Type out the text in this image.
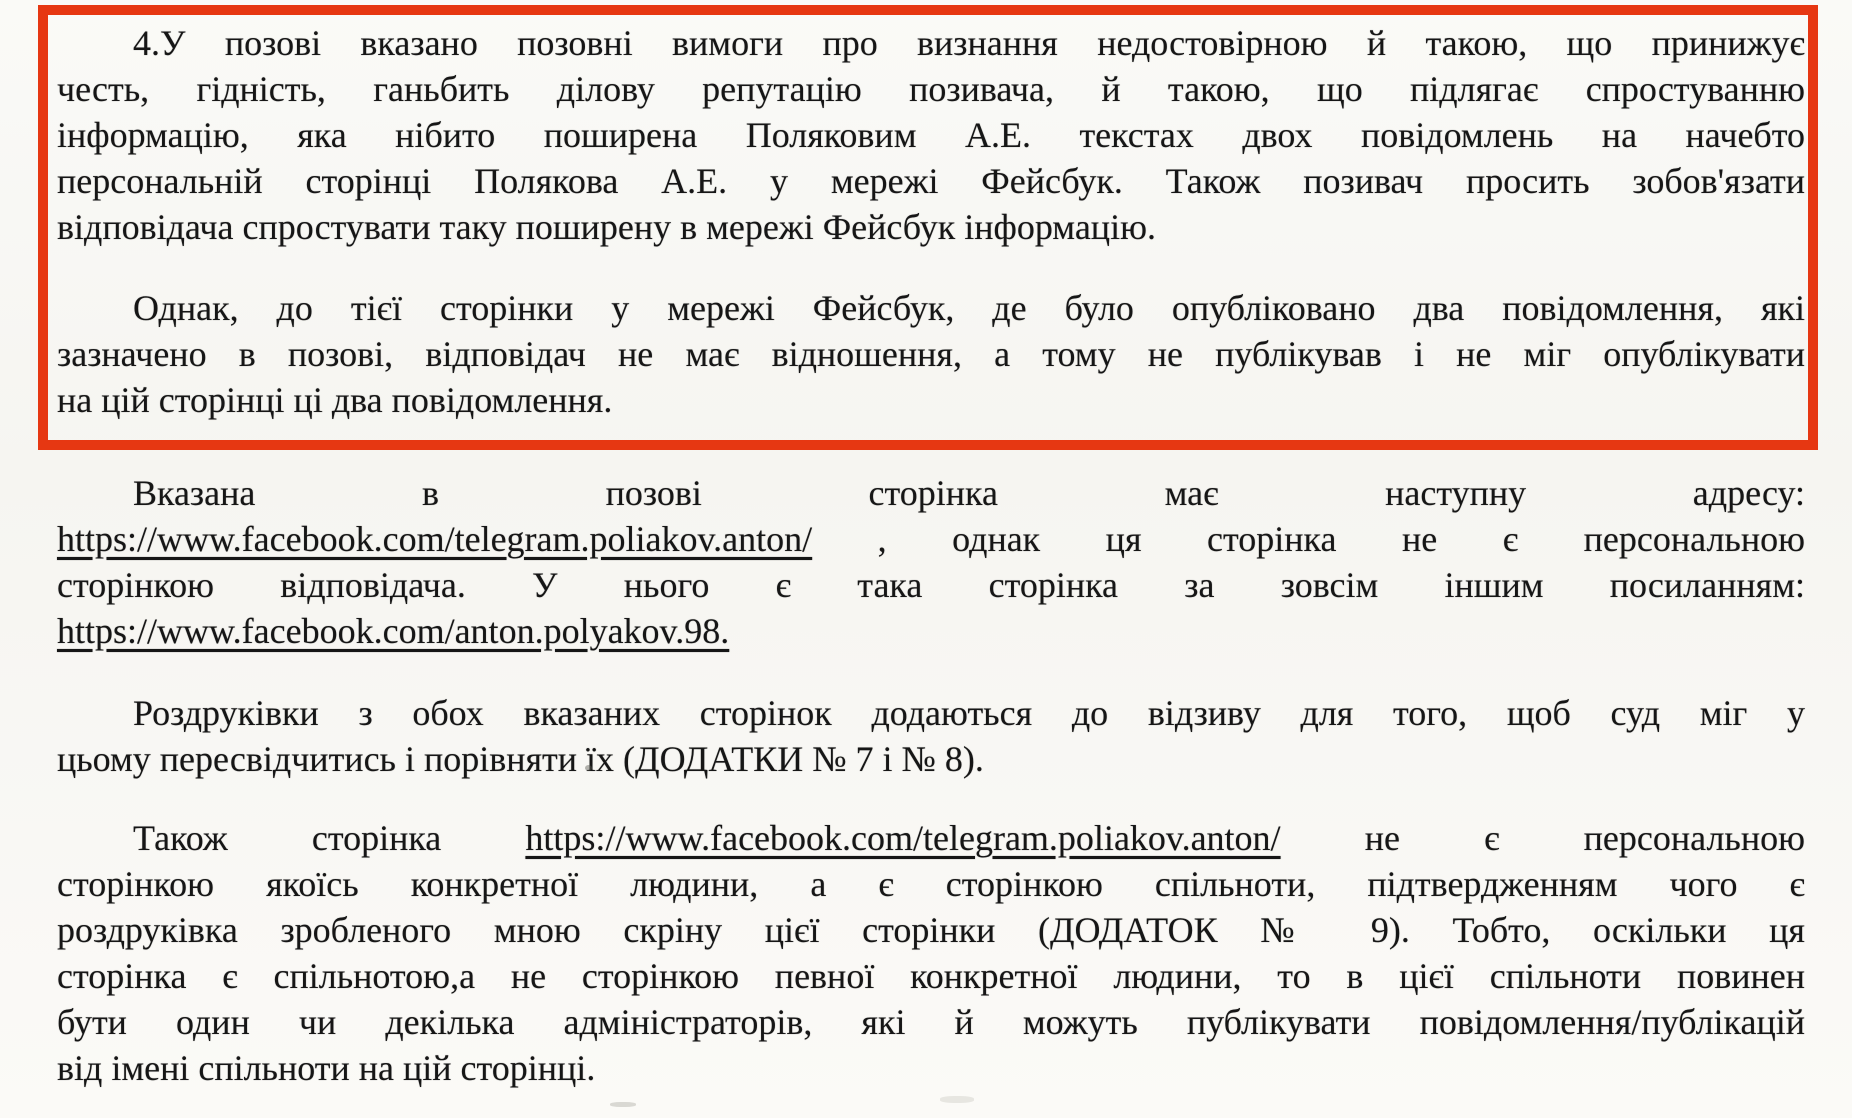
4.У позові вказано позовні вимоги про визнання недостовірною й такою, що принижує
честь, гідність, ганьбить ділову репутацію позивача, й такою, що підлягає спростуванню
інформацію, яка нібито поширена Поляковим А.Е. текстах двох повідомлень на начебто
персональній сторінці Полякова А.Е. у мережі Фейсбук. Також позивач просить зобов'язати
відповідача спростувати таку поширену в мережі Фейсбук інформацію.
Однак, до тієї сторінки у мережі Фейсбук, де було опубліковано два повідомлення, які
зазначено в позові, відповідач не має відношення, а тому не публікував і не міг опублікувати
на цій сторінці ці два повідомлення.
Вказана в позові сторінка має наступну адресу:
https://www.facebook.com/telegram.poliakov.anton/ , однак ця сторінка не є персональною
сторінкою відповідача. У нього є така сторінка за зовсім іншим посиланням:
https://www.facebook.com/anton.polyakov.98.
Роздруківки з обох вказаних сторінок додаються до відзиву для того, щоб суд міг у
цьому пересвідчитись і порівняти їх (ДОДАТКИ № 7 і № 8).
Також сторінка https://www.facebook.com/telegram.poliakov.anton/ не є персональною
сторінкою якоїсь конкретної людини, а є сторінкою спільноти, підтвердженням чого є
роздруківка зробленого мною скріну цієї сторінки (ДОДАТОК № 9). Тобто, оскільки ця
сторінка є спільнотою,а не сторінкою певної конкретної людини, то в цієї спільноти повинен
бути один чи декілька адміністраторів, які й можуть публікувати повідомлення/публікацій
від імені спільноти на цій сторінці.
